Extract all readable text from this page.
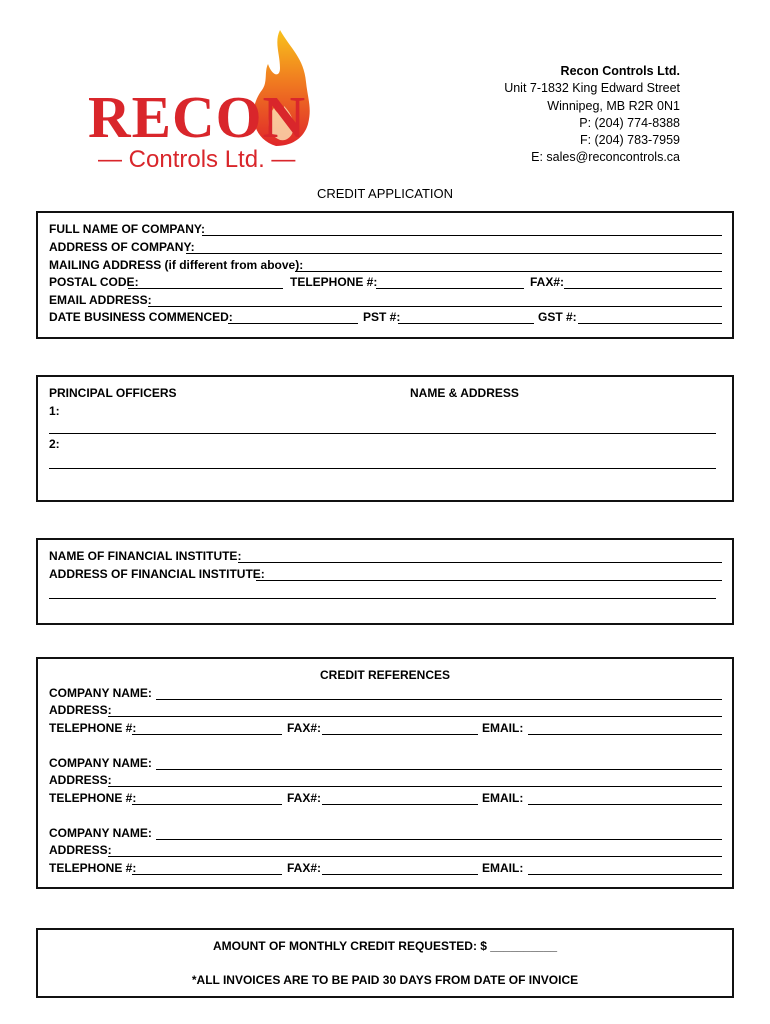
RECON
— Controls Ltd. —
Recon Controls Ltd.
Unit 7-1832 King Edward Street
Winnipeg, MB R2R 0N1
P: (204) 774-8388
F: (204) 783-7959
E: sales@reconcontrols.ca
CREDIT APPLICATION
FULL NAME OF COMPANY:
ADDRESS OF COMPANY:
MAILING ADDRESS (if different from above):
POSTAL CODE:	TELEPHONE #:	FAX#:
EMAIL ADDRESS:
DATE BUSINESS COMMENCED:	PST #:	GST #:
PRINCIPAL OFFICERS	NAME & ADDRESS
1:
2:
NAME OF FINANCIAL INSTITUTE:
ADDRESS OF FINANCIAL INSTITUTE:
CREDIT REFERENCES
COMPANY NAME:
ADDRESS:
TELEPHONE #:	FAX#:	EMAIL:
COMPANY NAME:
ADDRESS:
TELEPHONE #:	FAX#:	EMAIL:
COMPANY NAME:
ADDRESS:
TELEPHONE #:	FAX#:	EMAIL:
AMOUNT OF MONTHLY CREDIT REQUESTED: $ __________
*ALL INVOICES ARE TO BE PAID 30 DAYS FROM DATE OF INVOICE
